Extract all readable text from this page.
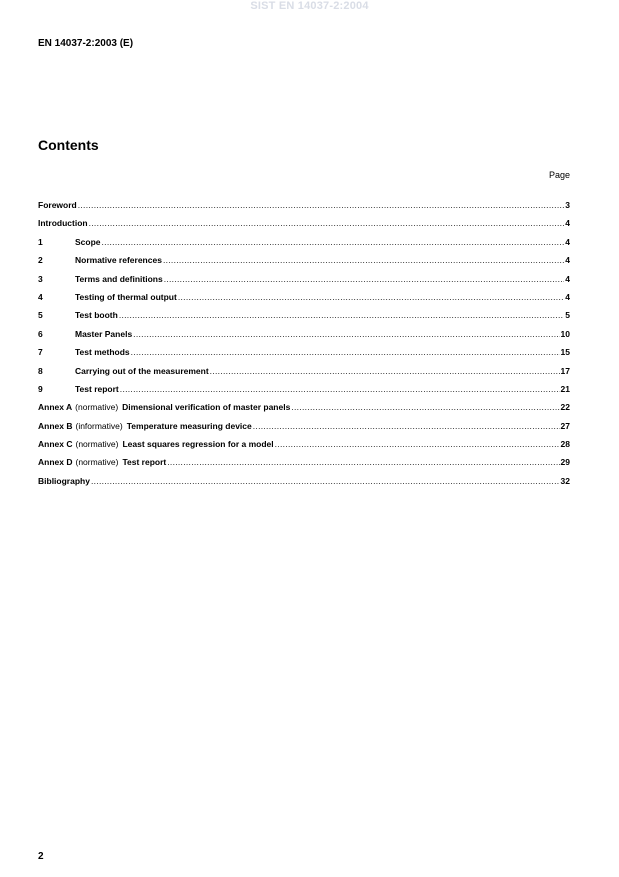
SIST EN 14037-2:2004
EN 14037-2:2003 (E)
Contents
Page
Foreword .....	3
Introduction .....	4
1	Scope .....	4
2	Normative references .....	4
3	Terms and definitions .....	4
4	Testing of thermal output .....	4
5	Test booth .....	5
6	Master Panels .....	10
7	Test methods .....	15
8	Carrying out of the measurement .....	17
9	Test report .....	21
Annex A (normative) Dimensional verification of master panels .....	22
Annex B (informative) Temperature measuring device .....	27
Annex C (normative) Least squares regression for a model .....	28
Annex D (normative) Test report .....	29
Bibliography .....	32
2
